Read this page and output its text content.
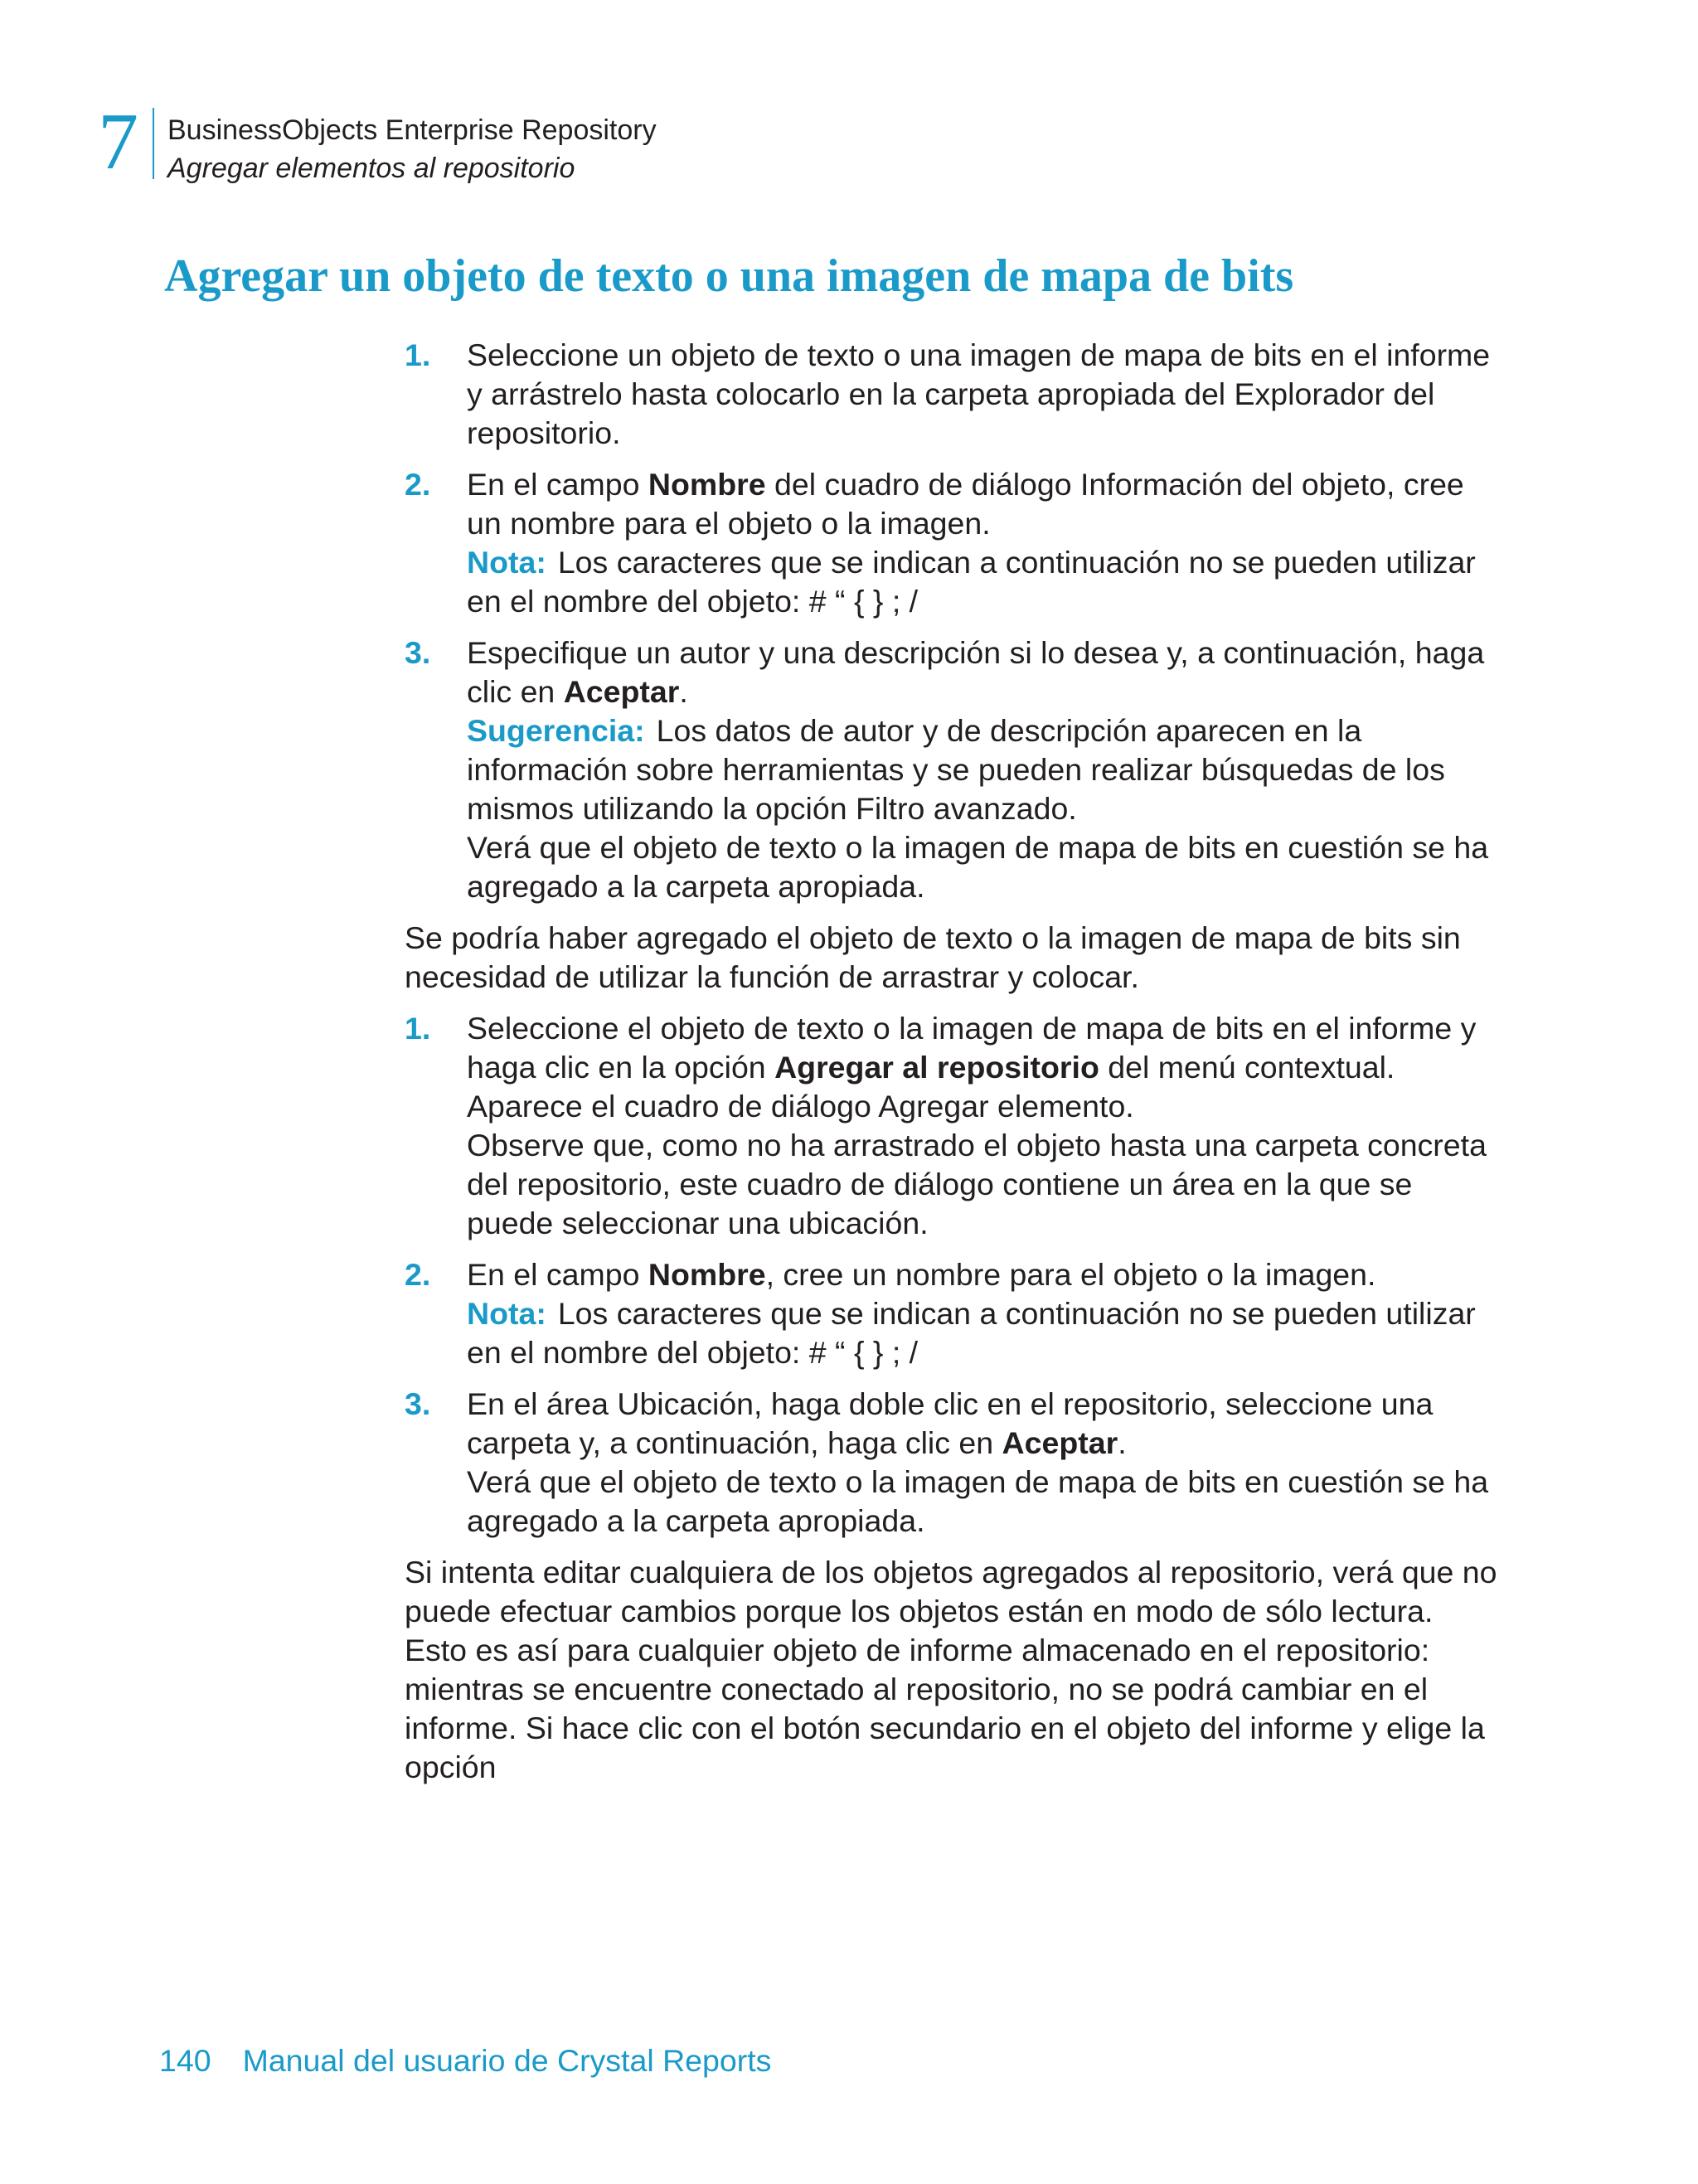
7 BusinessObjects Enterprise Repository
Agregar elementos al repositorio
Agregar un objeto de texto o una imagen de mapa de bits
1. Seleccione un objeto de texto o una imagen de mapa de bits en el informe y arrástrelo hasta colocarlo en la carpeta apropiada del Explorador del repositorio.

2. En el campo Nombre del cuadro de diálogo Información del objeto, cree un nombre para el objeto o la imagen.

Nota: Los caracteres que se indican a continuación no se pueden utilizar en el nombre del objeto: # “ { } ; /

3. Especifique un autor y una descripción si lo desea y, a continuación, haga clic en Aceptar.

Sugerencia: Los datos de autor y de descripción aparecen en la información sobre herramientas y se pueden realizar búsquedas de los mismos utilizando la opción Filtro avanzado.

Verá que el objeto de texto o la imagen de mapa de bits en cuestión se ha agregado a la carpeta apropiada.

Se podría haber agregado el objeto de texto o la imagen de mapa de bits sin necesidad de utilizar la función de arrastrar y colocar.

1. Seleccione el objeto de texto o la imagen de mapa de bits en el informe y haga clic en la opción Agregar al repositorio del menú contextual.

Aparece el cuadro de diálogo Agregar elemento.

Observe que, como no ha arrastrado el objeto hasta una carpeta concreta del repositorio, este cuadro de diálogo contiene un área en la que se puede seleccionar una ubicación.

2. En el campo Nombre, cree un nombre para el objeto o la imagen.

Nota: Los caracteres que se indican a continuación no se pueden utilizar en el nombre del objeto: # “ { } ; /

3. En el área Ubicación, haga doble clic en el repositorio, seleccione una carpeta y, a continuación, haga clic en Aceptar.

Verá que el objeto de texto o la imagen de mapa de bits en cuestión se ha agregado a la carpeta apropiada.

Si intenta editar cualquiera de los objetos agregados al repositorio, verá que no puede efectuar cambios porque los objetos están en modo de sólo lectura. Esto es así para cualquier objeto de informe almacenado en el repositorio: mientras se encuentre conectado al repositorio, no se podrá cambiar en el informe. Si hace clic con el botón secundario en el objeto del informe y elige la opción

140 Manual del usuario de Crystal Reports
